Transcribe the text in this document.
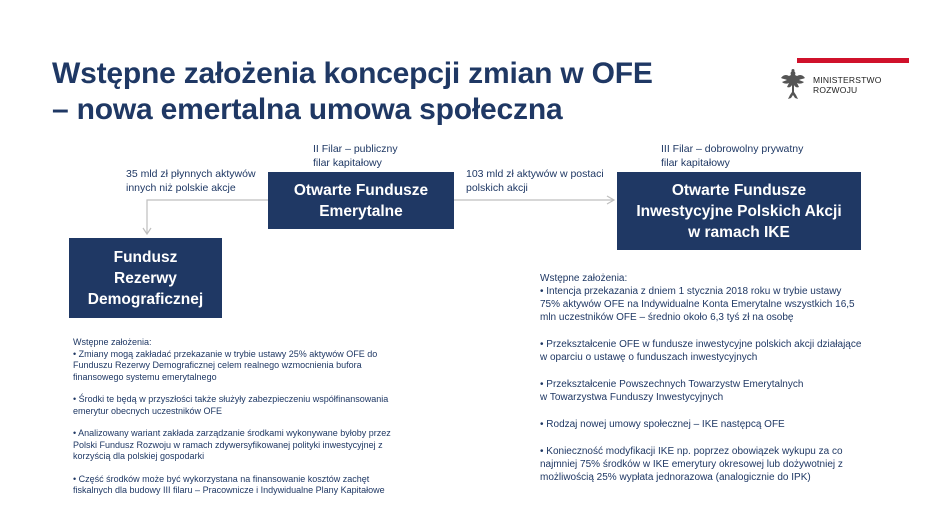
Wstępne założenia koncepcji zmian w OFE
– nowa emertalna umowa społeczna
MINISTERSTWO
ROZWOJU
II Filar – publiczny
filar kapitałowy
III Filar – dobrowolny prywatny
filar kapitałowy
35 mld zł płynnych aktywów
innych niż polskie akcje
103 mld zł aktywów w postaci
polskich akcji
Otwarte Fundusze
Emerytalne
Fundusz
Rezerwy
Demograficznej
Otwarte Fundusze
Inwestycyjne Polskich Akcji
w ramach IKE
Wstępne założenia:
• Zmiany mogą zakładać przekazanie w trybie ustawy 25% aktywów OFE do
Funduszu Rezerwy Demograficznej celem realnego wzmocnienia bufora
finansowego systemu emerytalnego
• Środki te będą w przyszłości także służyły zabezpieczeniu współfinansowania
emerytur obecnych uczestników OFE
• Analizowany wariant zakłada zarządzanie środkami wykonywane byłoby przez
Polski Fundusz Rozwoju w ramach zdywersyfikowanej polityki inwestycyjnej z
korzyścią dla polskiej gospodarki
• Część środków może być wykorzystana na finansowanie kosztów zachęt
fiskalnych dla budowy III filaru – Pracownicze i Indywidualne Plany Kapitałowe
Wstępne założenia:
• Intencja przekazania z dniem 1 stycznia 2018 roku w trybie ustawy
75% aktywów OFE na Indywidualne Konta Emerytalne wszystkich 16,5
mln uczestników OFE – średnio około 6,3 tyś zł na osobę
• Przekształcenie OFE w fundusze inwestycyjne polskich akcji działające
w oparciu o ustawę o funduszach inwestycyjnych
• Przekształcenie Powszechnych Towarzystw Emerytalnych
w Towarzystwa Funduszy Inwestycyjnych
• Rodzaj nowej umowy społecznej – IKE następcą OFE
• Konieczność modyfikacji IKE np. poprzez obowiązek wykupu za co
najmniej 75% środków w IKE emerytury okresowej lub dożywotniej z
możliwością 25% wypłata jednorazowa (analogicznie do IPK)
